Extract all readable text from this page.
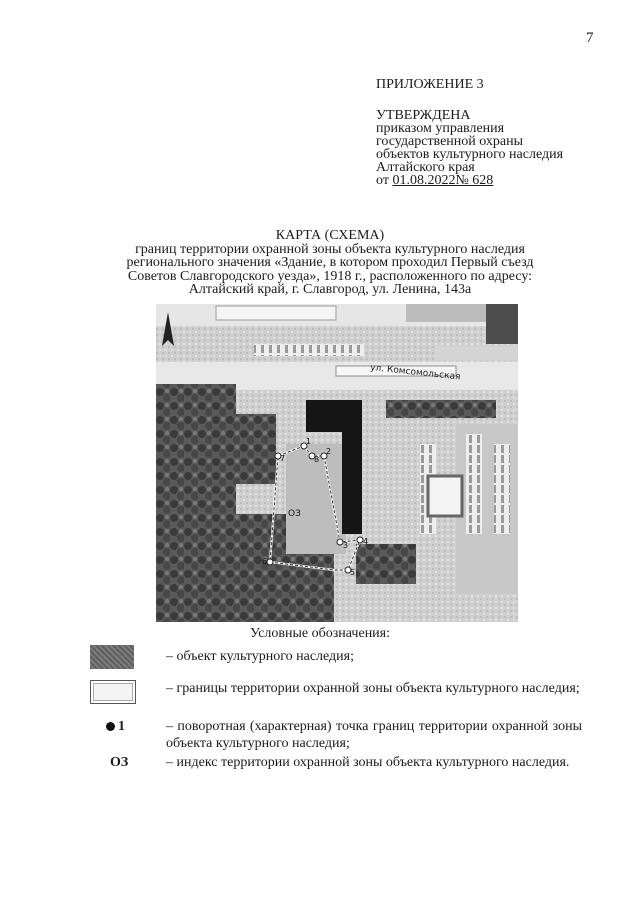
7
ПРИЛОЖЕНИЕ 3
УТВЕРЖДЕНА
приказом управления
государственной охраны
объектов культурного наследия
Алтайского края
от 01.08.2022№ 628
КАРТА (СХЕМА)
границ территории охранной зоны объекта культурного наследия
регионального значения «Здание, в котором проходил Первый съезд
Советов Славгородского уезда», 1918 г., расположенного по адресу:
Алтайский край, г. Славгород, ул. Ленина, 143а
ул. Комсомольская
1
2
3 4
5
6
7	8
ОЗ
Условные обозначения:
– объект культурного наследия;
– границы территории охранной зоны объекта культурного наследия;
1	– поворотная (характерная) точка границ территории охранной зоны объекта культурного наследия;
ОЗ	– индекс территории охранной зоны объекта культурного наследия.
